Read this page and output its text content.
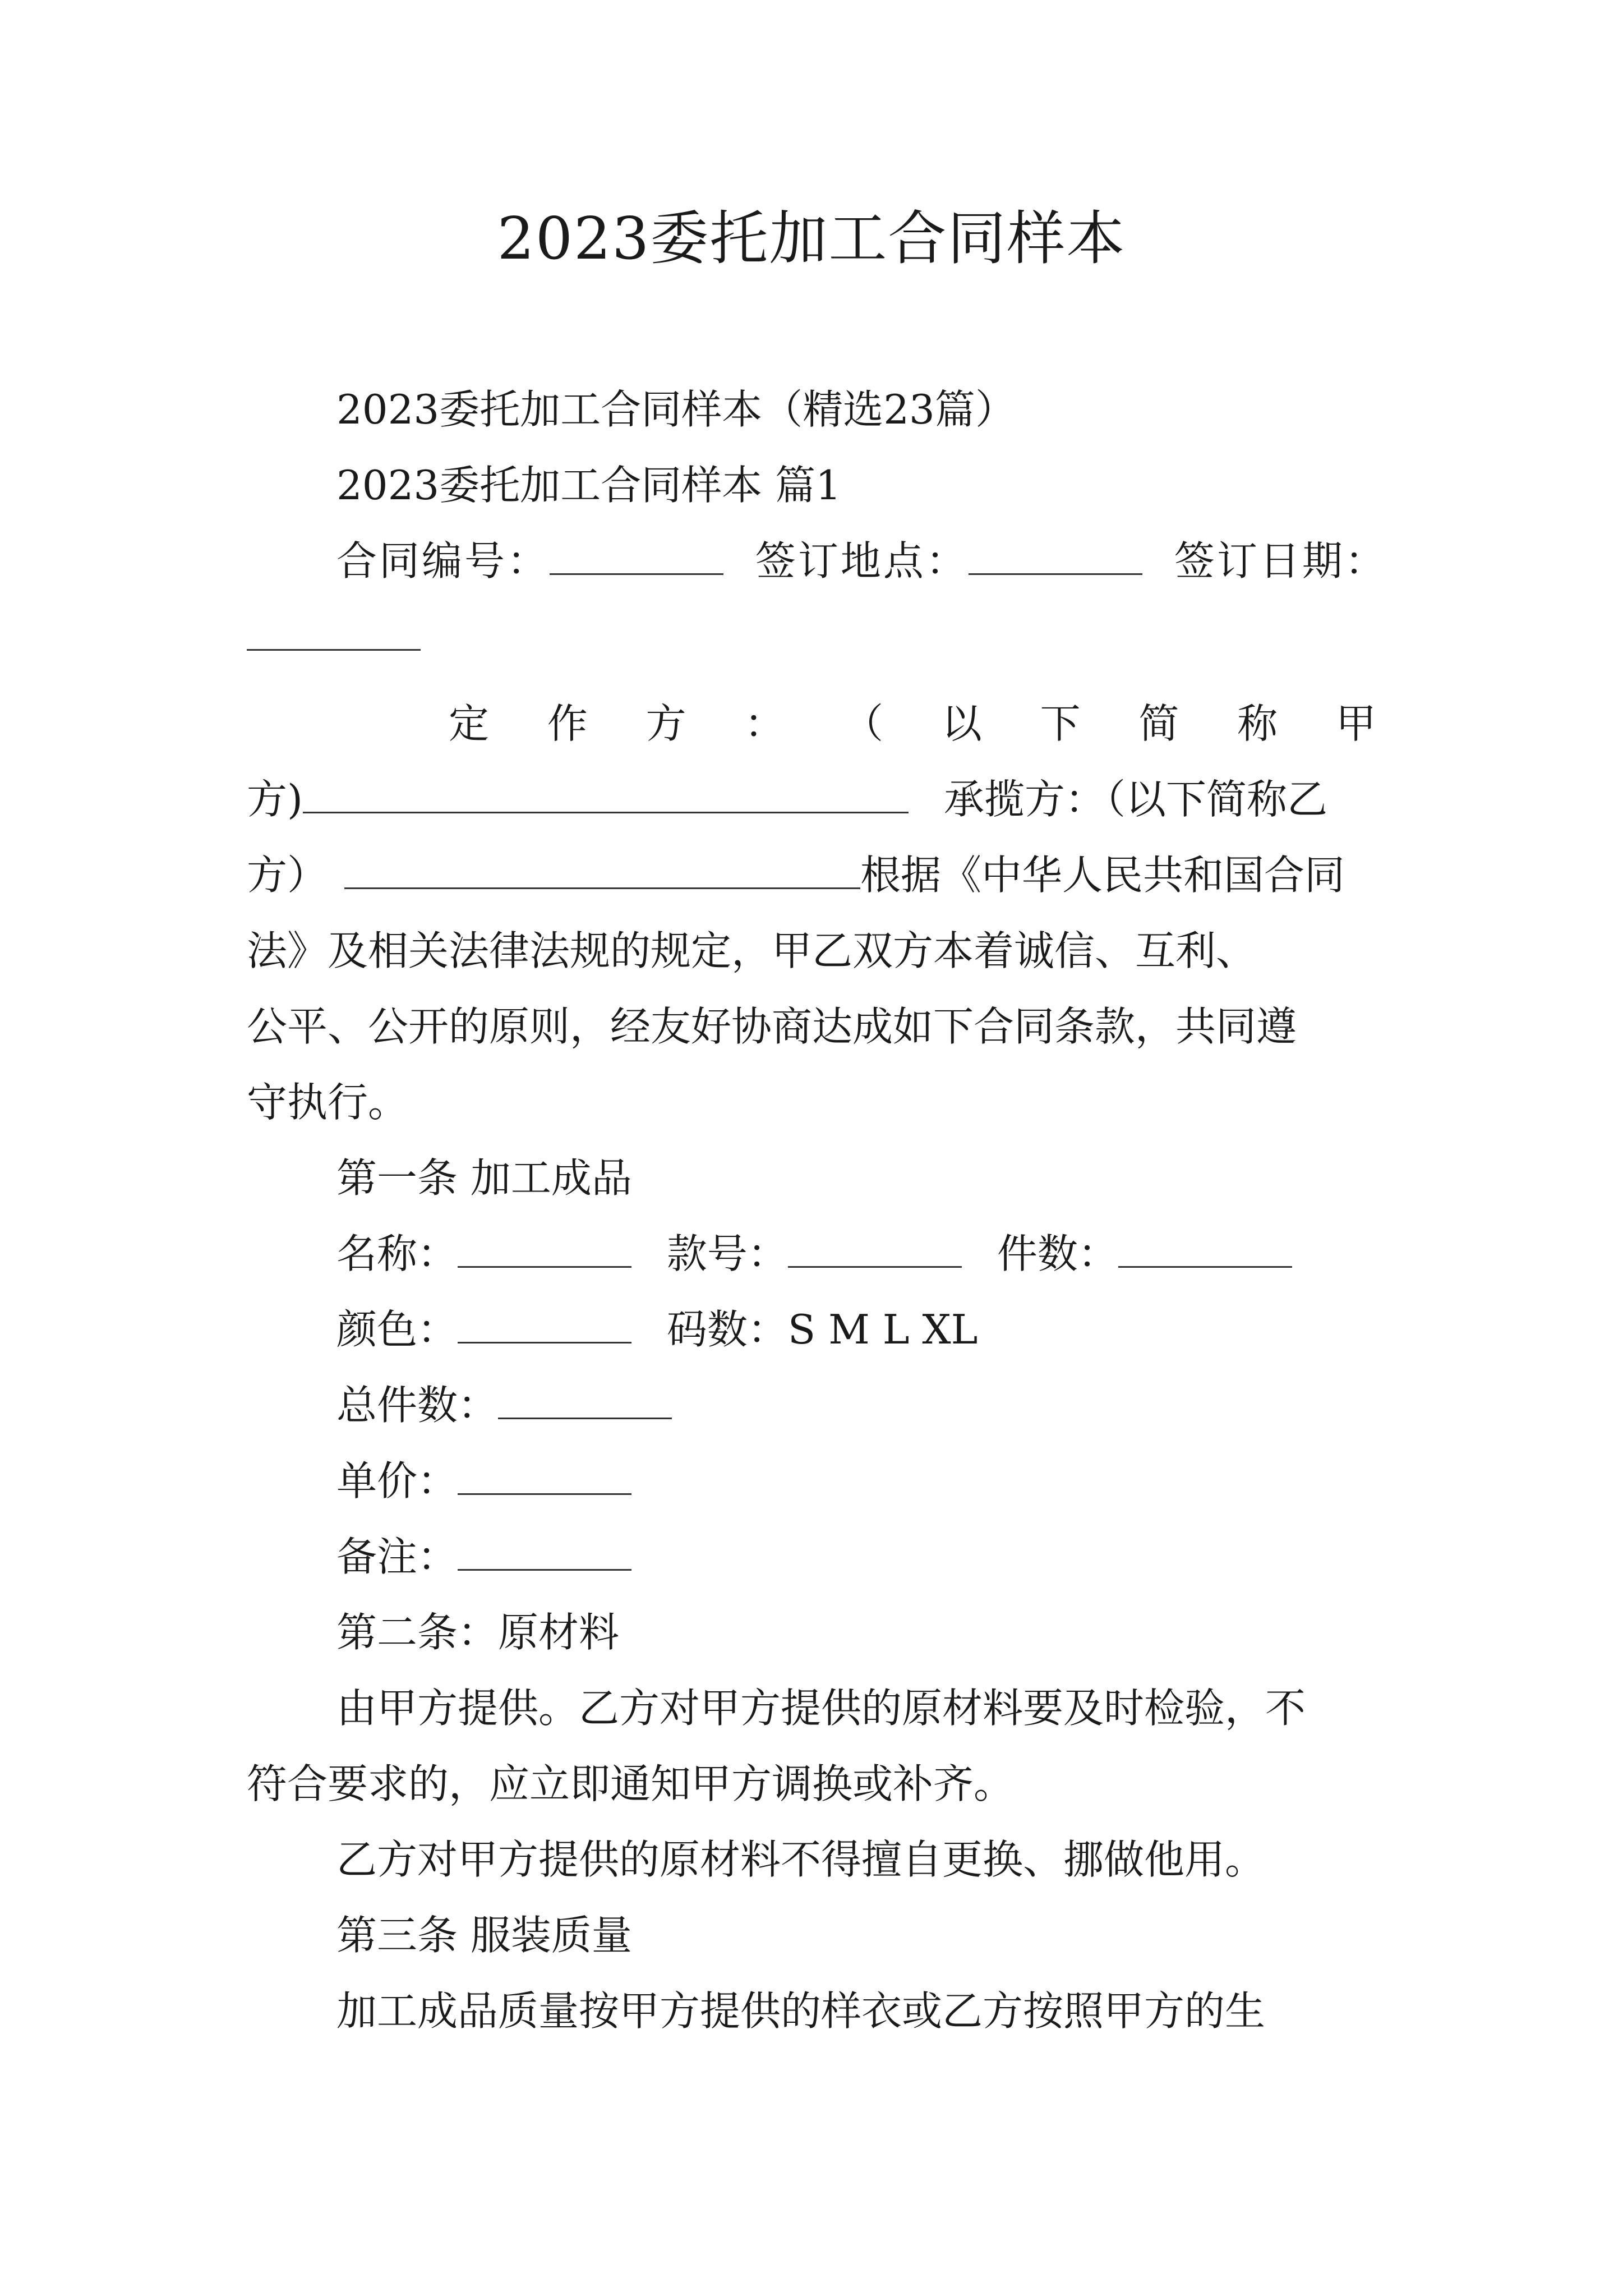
2023委托加工合同样本
2023委托加工合同样本（精选23篇）
2023委托加工合同样本 篇1
合同编号：	签订地点：	签订日期：
定 作 方 ： （ 以 下 简 称 甲
方)	承揽方：（以下简称乙
方）	根据《中华人民共和国合同
法》及相关法律法规的规定，甲乙双方本着诚信、互利、
公平、公开的原则，经友好协商达成如下合同条款，共同遵
守执行。
第一条 加工成品
名称：	款号：	件数：
颜色：	码数：S M L XL
总件数：
单价：
备注：
第二条：原材料
由甲方提供。乙方对甲方提供的原材料要及时检验，不
符合要求的，应立即通知甲方调换或补齐。
乙方对甲方提供的原材料不得擅自更换、挪做他用。
第三条 服装质量
加工成品质量按甲方提供的样衣或乙方按照甲方的生
